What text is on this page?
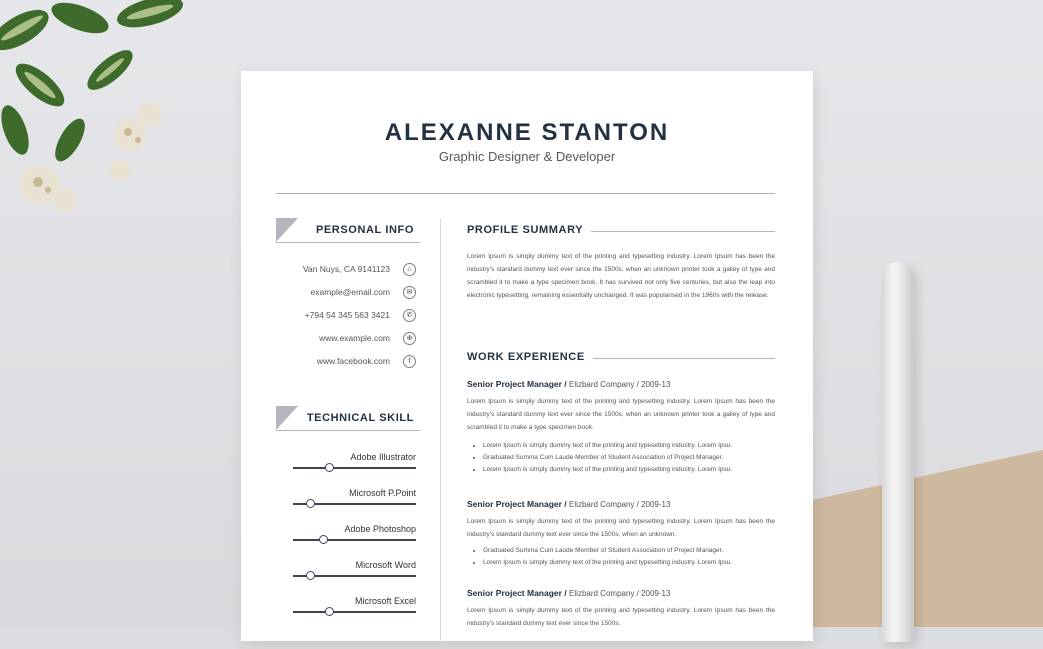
ALEXANNE STANTON
Graphic Designer & Developer
PERSONAL INFO
Van Nuys, CA 9141123	⌂
example@email.com	✉
+794 54 345 563 3421	✆
www.example.com	⊕
www.facebook.com	f
TECHNICAL SKILL
Adobe Illustrator
Microsoft P.Point
Adobe Photoshop
Microsoft Word
Microsoft Excel
PROFILE SUMMARY

Lorem Ipsum is simply dummy text of the printing and typesetting industry. Lorem Ipsum has been the industry's standard dummy text ever since the 1500s, when an unknown printer took a galley of type and scrambled it to make a type specimen book. It has survived not only five centuries, but also the leap into electronic typesetting, remaining essentially unchanged. It was popularised in the 1960s with the release.

WORK EXPERIENCE
Senior Project Manager / Elizbard Company / 2009-13

Lorem Ipsum is simply dummy text of the printing and typesetting industry. Lorem Ipsum has been the industry's standard dummy text ever since the 1500s, when an unknown printer took a galley of type and scrambled it to make a type specimen book.

• Lorem Ipsum is simply dummy text of the printing and typesetting industry. Lorem Ipsu.
• Graduated Summa Cum Laude Member of Student Association of Project Manager.
• Lorem Ipsum is simply dummy text of the printing and typesetting industry. Lorem Ipsu.
Senior Project Manager / Elizbard Company / 2009-13

Lorem Ipsum is simply dummy text of the printing and typesetting industry. Lorem Ipsum has been the industry's standard dummy text ever since the 1500s, when an unknown.

• Graduated Summa Cum Laude Member of Student Association of Project Manager.
• Lorem Ipsum is simply dummy text of the printing and typesetting industry. Lorem Ipsu.
Senior Project Manager / Elizbard Company / 2009-13

Lorem Ipsum is simply dummy text of the printing and typesetting industry. Lorem Ipsum has been the industry's standard dummy text ever since the 1500s.
